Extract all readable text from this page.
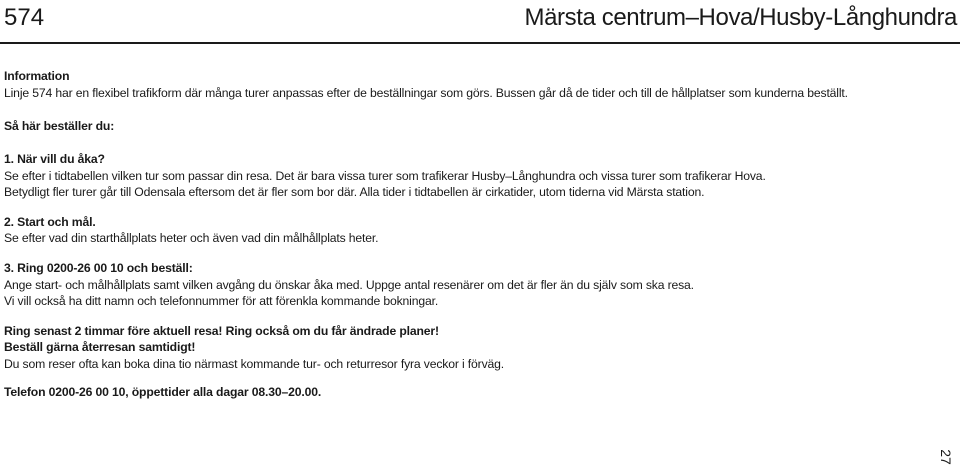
574	Märsta centrum–Hova/Husby-Långhundra

Information

Linje 574 har en flexibel trafikform där många turer anpassas efter de beställningar som görs. Bussen går då de tider och till de hållplatser som kunderna beställt.

Så här beställer du:

1. När vill du åka?

Se efter i tidtabellen vilken tur som passar din resa. Det är bara vissa turer som trafikerar Husby–Långhundra och vissa turer som trafikerar Hova.

Betydligt fler turer går till Odensala eftersom det är fler som bor där. Alla tider i tidtabellen är cirkatider, utom tiderna vid Märsta station.

2. Start och mål.

Se efter vad din starthållplats heter och även vad din målhållplats heter.

3. Ring 0200-26 00 10 och beställ:

Ange start- och målhållplats samt vilken avgång du önskar åka med. Uppge antal resenärer om det är fler än du själv som ska resa.

Vi vill också ha ditt namn och telefonnummer för att förenkla kommande bokningar.

Ring senast 2 timmar före aktuell resa! Ring också om du får ändrade planer!

Beställ gärna återresan samtidigt!

Du som reser ofta kan boka dina tio närmast kommande tur- och returresor fyra veckor i förväg.

Telefon 0200-26 00 10, öppettider alla dagar 08.30–20.00.

27
